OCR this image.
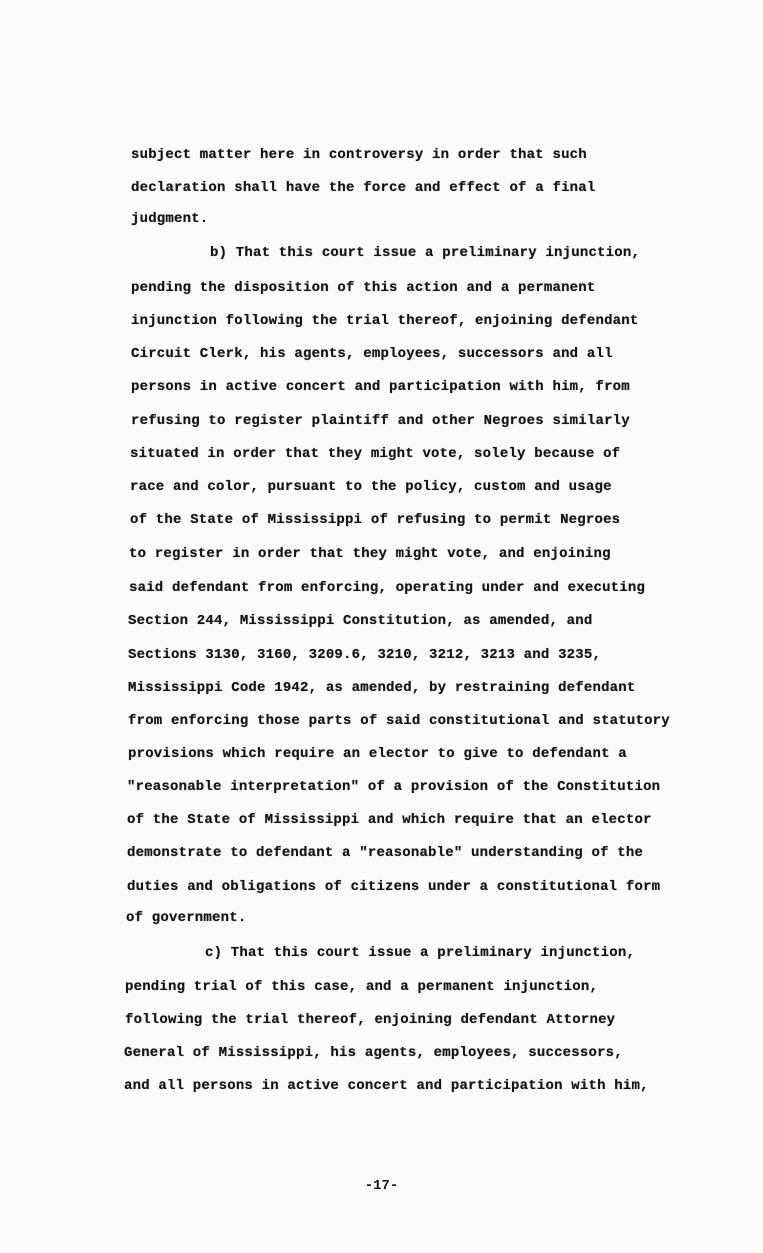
subject matter here in controversy in order that such
declaration shall have the force and effect of a final
judgment.
b) That this court issue a preliminary injunction,
pending the disposition of this action and a permanent
injunction following the trial thereof, enjoining defendant
Circuit Clerk, his agents, employees, successors and all
persons in active concert and participation with him, from
refusing to register plaintiff and other Negroes similarly
situated in order that they might vote, solely because of
race and color, pursuant to the policy, custom and usage
of the State of Mississippi of refusing to permit Negroes
to register in order that they might vote, and enjoining
said defendant from enforcing, operating under and executing
Section 244, Mississippi Constitution, as amended, and
Sections 3130, 3160, 3209.6, 3210, 3212, 3213 and 3235,
Mississippi Code 1942, as amended, by restraining defendant
from enforcing those parts of said constitutional and statutory
provisions which require an elector to give to defendant a
"reasonable interpretation" of a provision of the Constitution
of the State of Mississippi and which require that an elector
demonstrate to defendant a "reasonable" understanding of the
duties and obligations of citizens under a constitutional form
of government.
c) That this court issue a preliminary injunction,
pending trial of this case, and a permanent injunction,
following the trial thereof, enjoining defendant Attorney
General of Mississippi, his agents, employees, successors,
and all persons in active concert and participation with him,
-17-
